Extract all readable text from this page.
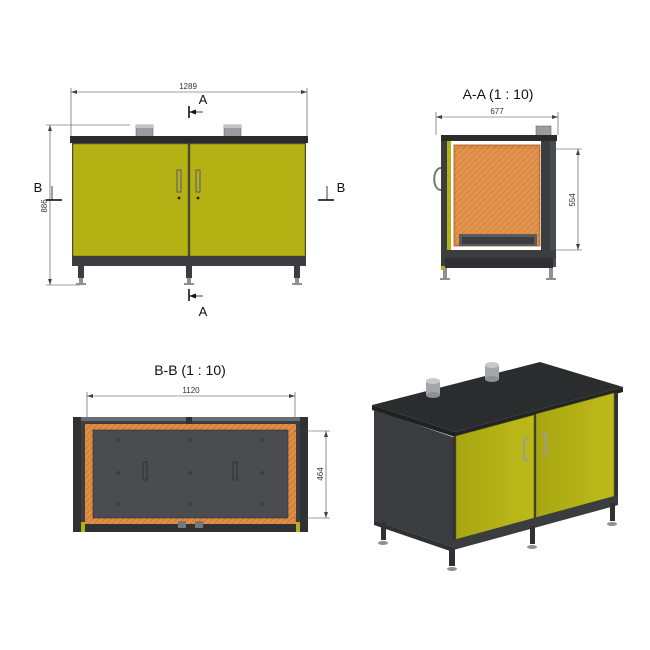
1289
886
A
A
B	B
A-A (1 : 10)
677
554
B-B (1 : 10)
1120
464
